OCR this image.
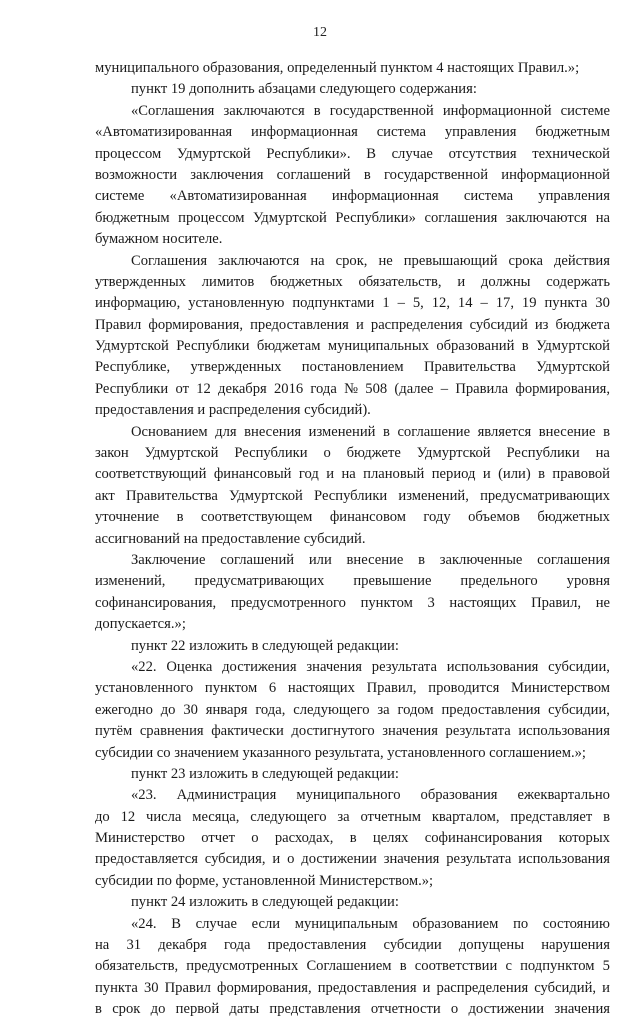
12
муниципального образования, определенный пунктом 4 настоящих Правил.»;
пункт 19 дополнить абзацами следующего содержания:
«Соглашения заключаются в государственной информационной системе
«Автоматизированная информационная система управления бюджетным
процессом Удмуртской Республики». В случае отсутствия технической
возможности заключения соглашений в государственной информационной
системе «Автоматизированная информационная система управления
бюджетным процессом Удмуртской Республики» соглашения заключаются на
бумажном носителе.
Соглашения заключаются на срок, не превышающий срока действия
утвержденных лимитов бюджетных обязательств, и должны содержать
информацию, установленную подпунктами 1 – 5, 12, 14 – 17, 19 пункта 30
Правил формирования, предоставления и распределения субсидий из бюджета
Удмуртской Республики бюджетам муниципальных образований в Удмуртской
Республике, утвержденных постановлением Правительства Удмуртской
Республики от 12 декабря 2016 года № 508 (далее – Правила формирования,
предоставления и распределения субсидий).
Основанием для внесения изменений в соглашение является внесение в
закон Удмуртской Республики о бюджете Удмуртской Республики на
соответствующий финансовый год и на плановый период и (или) в правовой
акт Правительства Удмуртской Республики изменений, предусматривающих
уточнение в соответствующем финансовом году объемов бюджетных
ассигнований на предоставление субсидий.
Заключение соглашений или внесение в заключенные соглашения
изменений, предусматривающих превышение предельного уровня
софинансирования, предусмотренного пунктом 3 настоящих Правил, не
допускается.»;
пункт 22 изложить в следующей редакции:
«22. Оценка достижения значения результата использования субсидии,
установленного пунктом 6 настоящих Правил, проводится Министерством
ежегодно до 30 января года, следующего за годом предоставления субсидии,
путём сравнения фактически достигнутого значения результата использования
субсидии со значением указанного результата, установленного соглашением.»;
пункт 23 изложить в следующей редакции:
«23. Администрация муниципального образования ежеквартально
до 12 числа месяца, следующего за отчетным кварталом, представляет в
Министерство отчет о расходах, в целях софинансирования которых
предоставляется субсидия, и о достижении значения результата использования
субсидии по форме, установленной Министерством.»;
пункт 24 изложить в следующей редакции:
«24. В случае если муниципальным образованием по состоянию
на 31 декабря года предоставления субсидии допущены нарушения
обязательств, предусмотренных Соглашением в соответствии с подпунктом 5
пункта 30 Правил формирования, предоставления и распределения субсидий, и
в срок до первой даты представления отчетности о достижении значения
